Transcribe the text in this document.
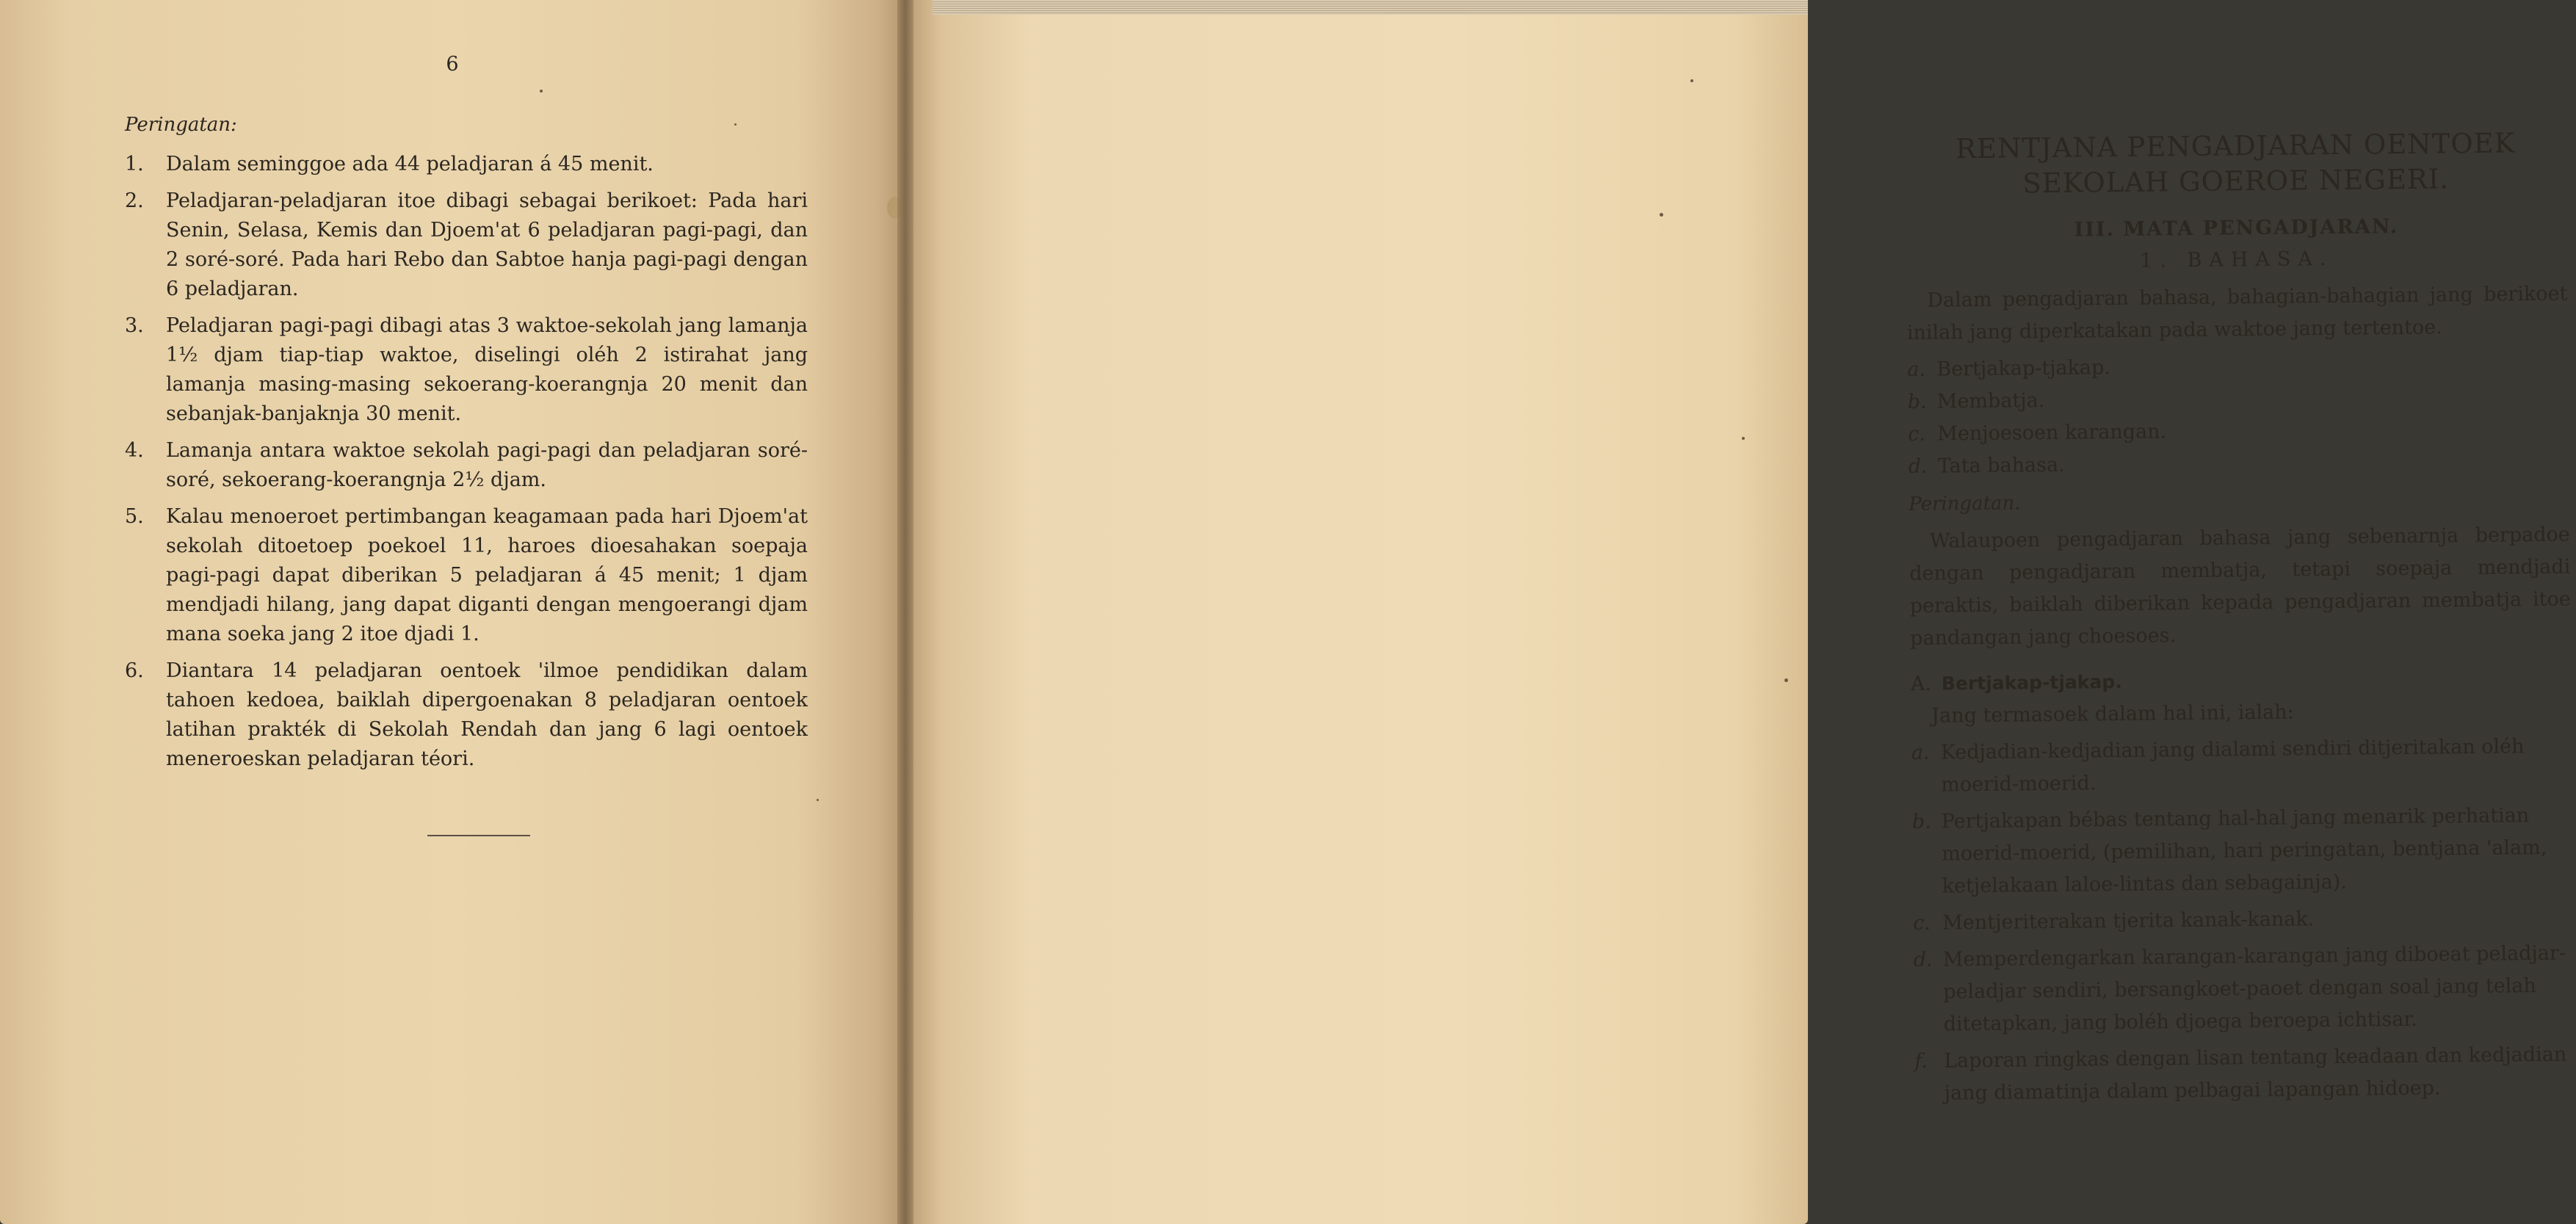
6
Peringatan:
1.	Dalam seminggoe ada 44 peladjaran á 45 menit.
2.	Peladjaran-peladjaran itoe dibagi sebagai berikoet: Pada hari Senin, Selasa, Kemis dan Djoem'at 6 peladjaran pagi-pagi, dan 2 soré-soré. Pada hari Rebo dan Sabtoe hanja pagi-pagi dengan 6 peladjaran.
3.	Peladjaran pagi-pagi dibagi atas 3 waktoe-sekolah jang lamanja 1½ djam tiap-tiap waktoe, diselingi oléh 2 istirahat jang lamanja masing-masing sekoerang-koerangnja 20 menit dan sebanjak-banjaknja 30 menit.
4.	Lamanja antara waktoe sekolah pagi-pagi dan peladjaran soré-soré, sekoerang-koerangnja 2½ djam.
5.	Kalau menoeroet pertimbangan keagamaan pada hari Djoem'at sekolah ditoetoep poekoel 11, haroes dioesahakan soepaja pagi-pagi dapat diberikan 5 peladjaran á 45 menit; 1 djam mendjadi hilang, jang dapat diganti dengan mengoerangi djam mana soeka jang 2 itoe djadi 1.
6.	Diantara 14 peladjaran oentoek 'ilmoe pendidikan dalam tahoen kedoea, baiklah dipergoenakan 8 peladjaran oentoek latihan prakték di Sekolah Rendah dan jang 6 lagi oentoek meneroeskan peladjaran téori.
RENTJANA PENGADJARAN OENTOEK
SEKOLAH GOEROE NEGERI.
III. MATA PENGADJARAN.
1. BAHASA.

Dalam pengadjaran bahasa, bahagian-bahagian jang berikoet inilah jang diperkatakan pada waktoe jang tertentoe.

a. Bertjakap-tjakap.
b. Membatja.
c. Menjoesoen karangan.
d. Tata bahasa.
Peringatan.

Walaupoen pengadjaran bahasa jang sebenarnja berpadoe dengan pengadjaran membatja, tetapi soepaja mendjadi peraktis, baiklah diberikan kepada pengadjaran membatja itoe pandangan jang choesoes.

A. Bertjakap-tjakap.

Jang termasoek dalam hal ini, ialah:

a. Kedjadian-kedjadian jang dialami sendiri ditjeritakan oléh moerid-moerid.
b. Pertjakapan bébas tentang hal-hal jang menarik perhatian moerid-moerid, (pemilihan, hari peringatan, bentjana 'alam, ketjelakaan laloe-lintas dan sebagainja).
c. Mentjeriterakan tjerita kanak-kanak.
d. Memperdengarkan karangan-karangan jang diboeat peladjar-peladjar sendiri, bersangkoet-paoet dengan soal jang telah ditetapkan, jang boléh djoega beroepa ichtisar.
f. Laporan ringkas dengan lisan tentang keadaan dan kedjadian jang diamatinja dalam pelbagai lapangan hidoep.
